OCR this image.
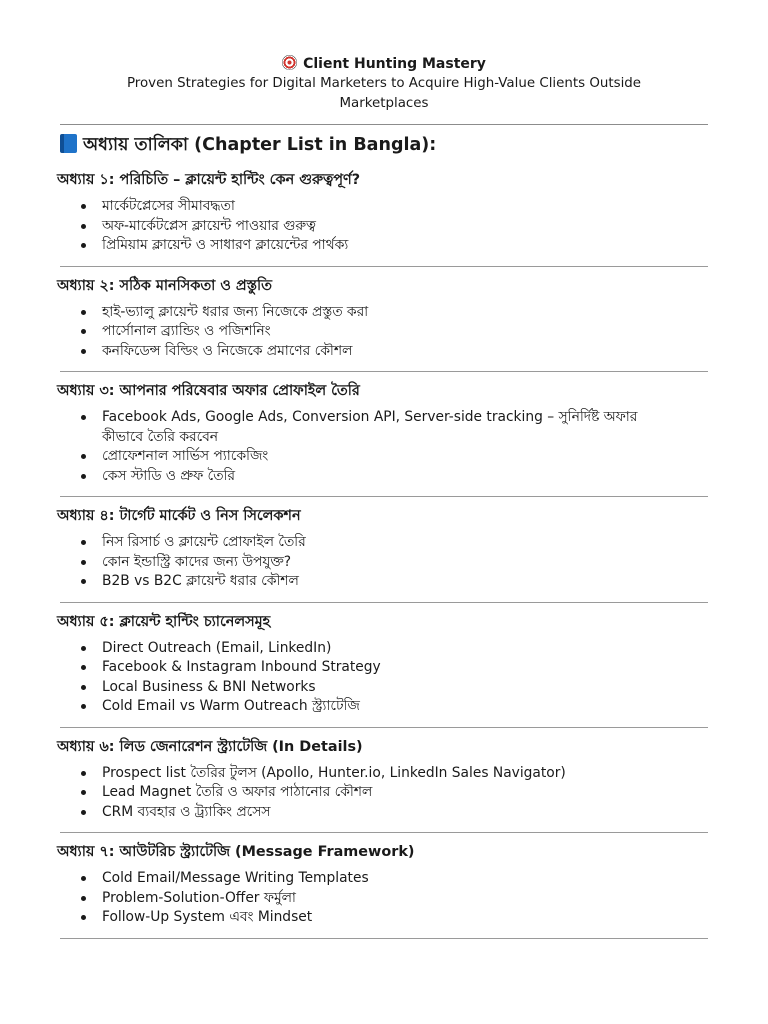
Client Hunting Mastery
Proven Strategies for Digital Marketers to Acquire High-Value Clients Outside Marketplaces
অধ্যায় তালিকা (Chapter List in Bangla):
অধ্যায় ১: পরিচিতি – ক্লায়েন্ট হান্টিং কেন গুরুত্বপূর্ণ?
মার্কেটপ্লেসের সীমাবদ্ধতা
অফ-মার্কেটপ্লেস ক্লায়েন্ট পাওয়ার গুরুত্ব
প্রিমিয়াম ক্লায়েন্ট ও সাধারণ ক্লায়েন্টের পার্থক্য
অধ্যায় ২: সঠিক মানসিকতা ও প্রস্তুতি
হাই-ভ্যালু ক্লায়েন্ট ধরার জন্য নিজেকে প্রস্তুত করা
পার্সোনাল ব্র্যান্ডিং ও পজিশনিং
কনফিডেন্স বিল্ডিং ও নিজেকে প্রমাণের কৌশল
অধ্যায় ৩: আপনার পরিষেবার অফার প্রোফাইল তৈরি
Facebook Ads, Google Ads, Conversion API, Server-side tracking – সুনির্দিষ্ট অফার কীভাবে তৈরি করবেন
প্রোফেশনাল সার্ভিস প্যাকেজিং
কেস স্টাডি ও প্রুফ তৈরি
অধ্যায় ৪: টার্গেট মার্কেট ও নিস সিলেকশন
নিস রিসার্চ ও ক্লায়েন্ট প্রোফাইল তৈরি
কোন ইন্ডাস্ট্রি কাদের জন্য উপযুক্ত?
B2B vs B2C ক্লায়েন্ট ধরার কৌশল
অধ্যায় ৫: ক্লায়েন্ট হান্টিং চ্যানেলসমূহ
Direct Outreach (Email, LinkedIn)
Facebook & Instagram Inbound Strategy
Local Business & BNI Networks
Cold Email vs Warm Outreach স্ট্র্যাটেজি
অধ্যায় ৬: লিড জেনারেশন স্ট্র্যাটেজি (In Details)
Prospect list তৈরির টুলস (Apollo, Hunter.io, LinkedIn Sales Navigator)
Lead Magnet তৈরি ও অফার পাঠানোর কৌশল
CRM ব্যবহার ও ট্র্যাকিং প্রসেস
অধ্যায় ৭: আউটরিচ স্ট্র্যাটেজি (Message Framework)
Cold Email/Message Writing Templates
Problem-Solution-Offer ফর্মুলা
Follow-Up System এবং Mindset
